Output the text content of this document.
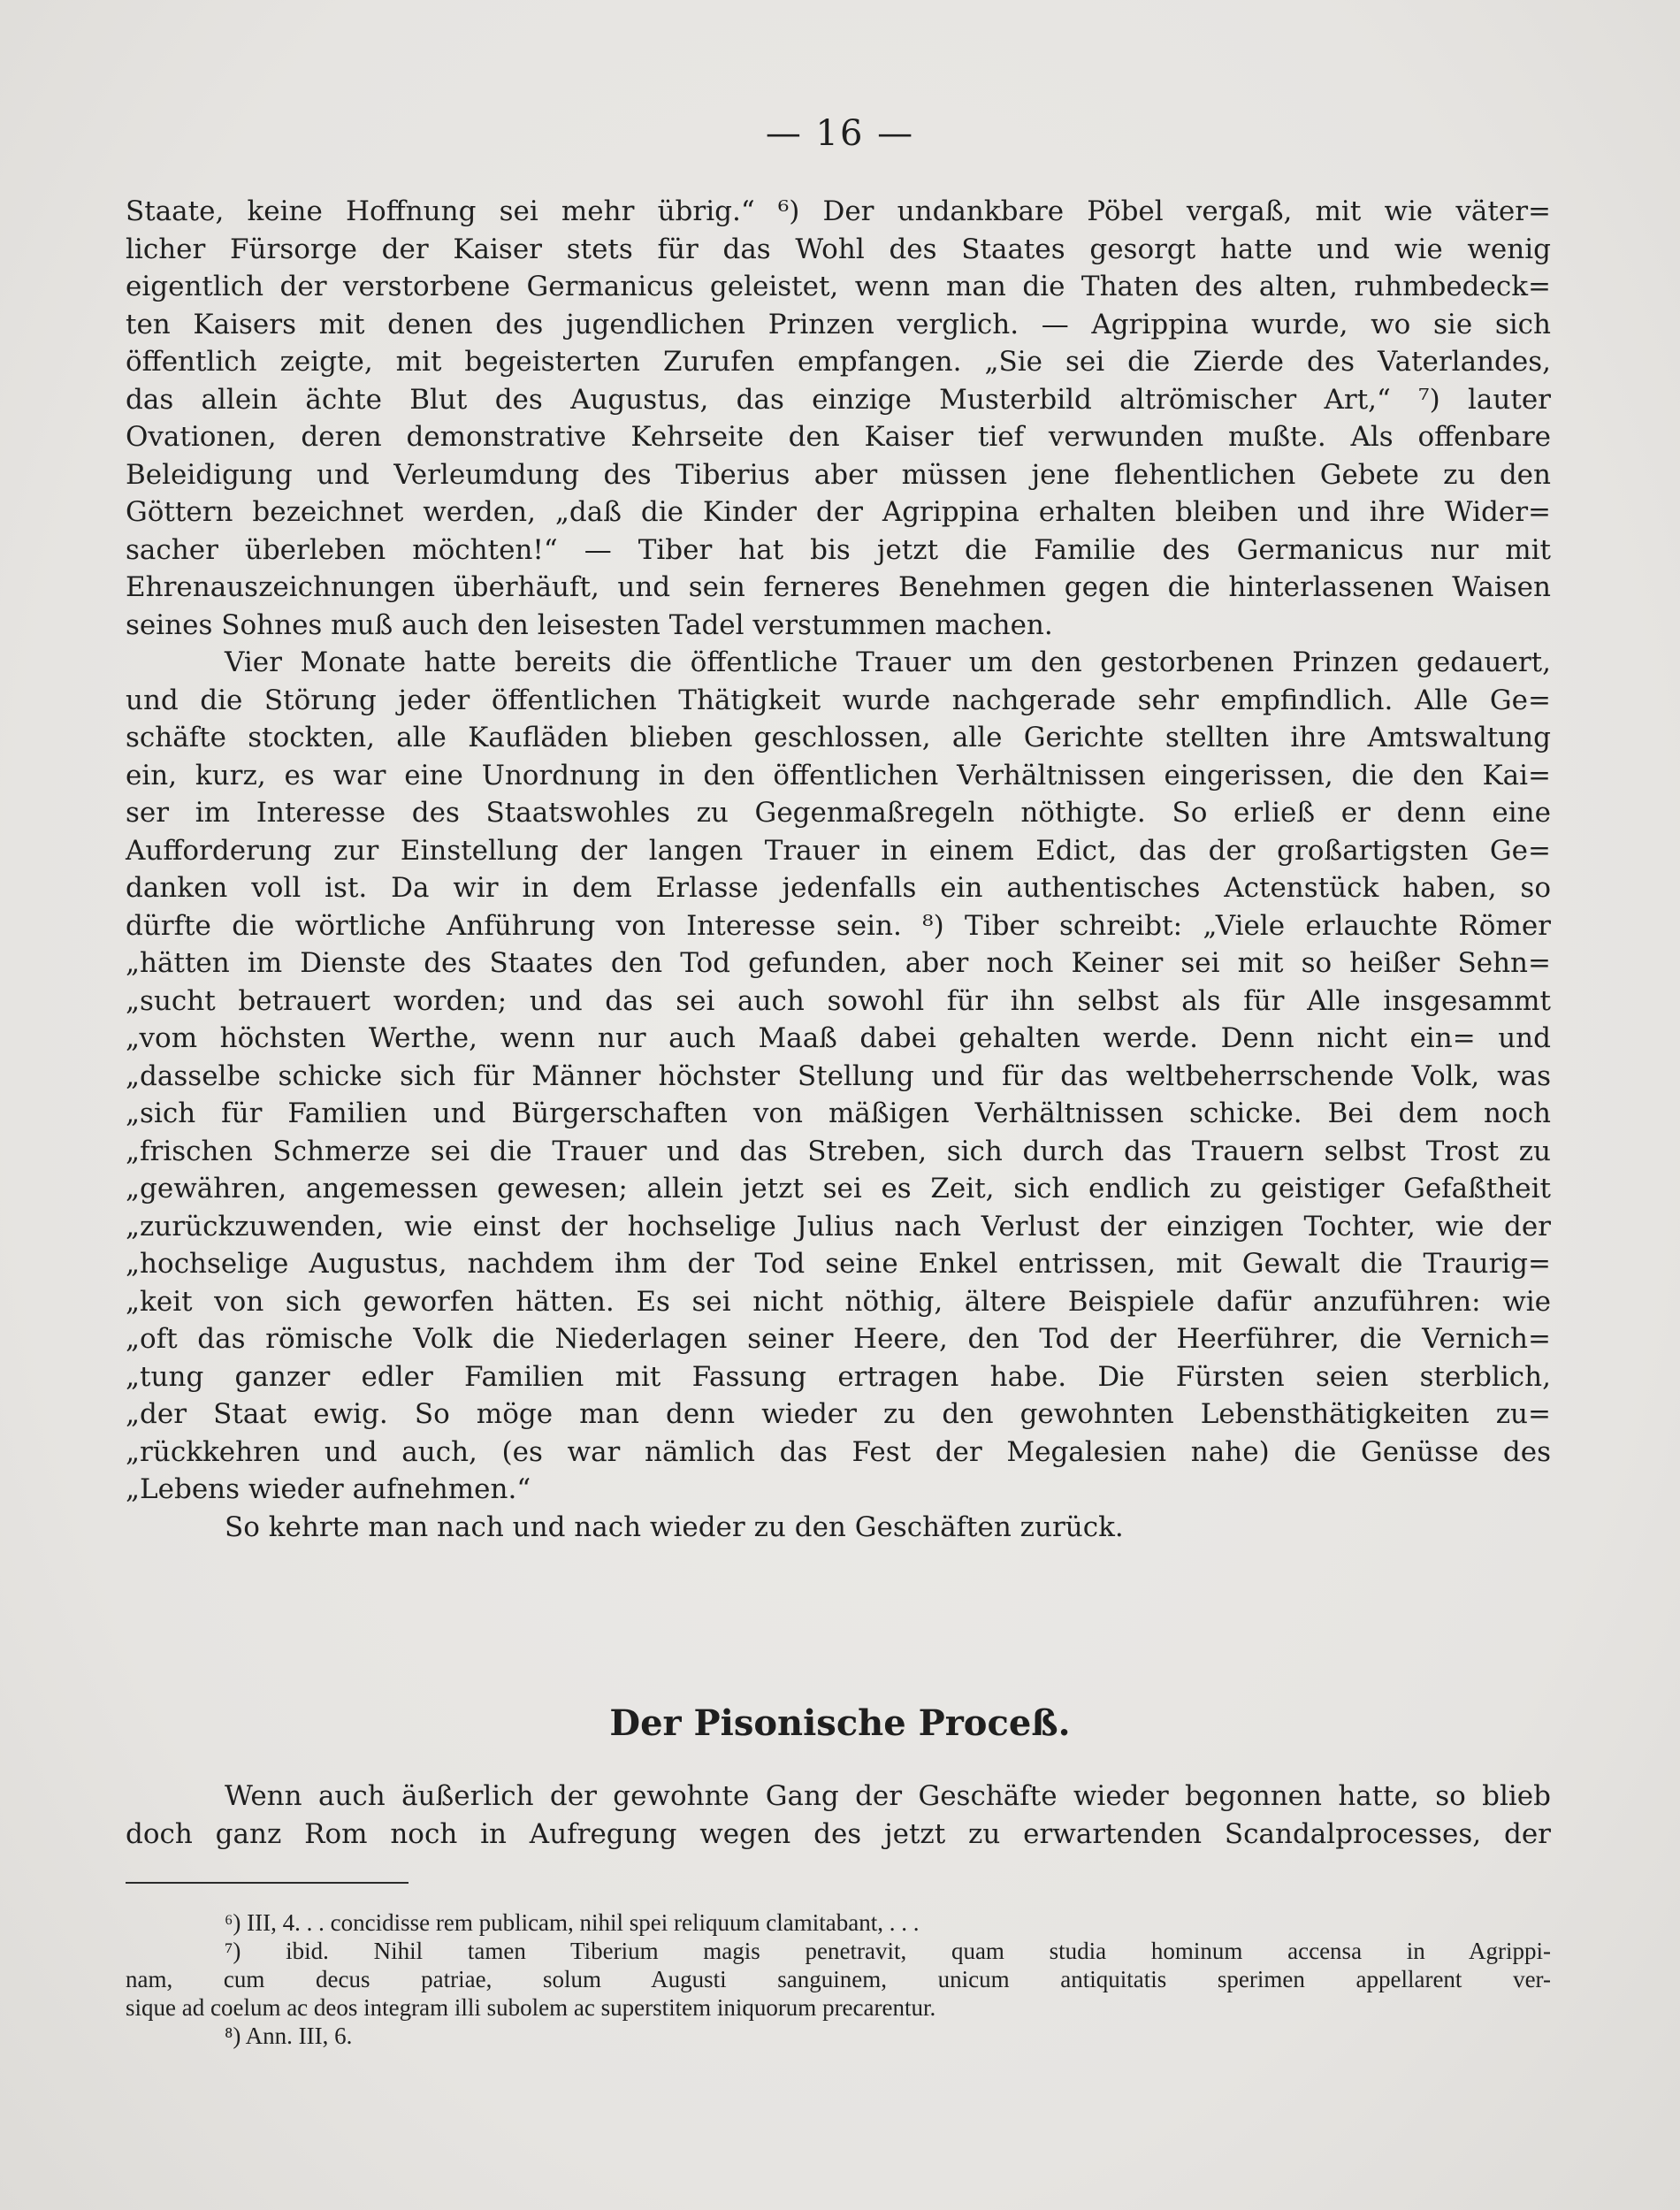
— 16 —
Staate, keine Hoffnung sei mehr übrig.“ ⁶) Der undankbare Pöbel vergaß, mit wie väter=
licher Fürsorge der Kaiser stets für das Wohl des Staates gesorgt hatte und wie wenig
eigentlich der verstorbene Germanicus geleistet, wenn man die Thaten des alten, ruhmbedeck=
ten Kaisers mit denen des jugendlichen Prinzen verglich. — Agrippina wurde, wo sie sich
öffentlich zeigte, mit begeisterten Zurufen empfangen. „Sie sei die Zierde des Vaterlandes,
das allein ächte Blut des Augustus, das einzige Musterbild altrömischer Art,“ ⁷) lauter
Ovationen, deren demonstrative Kehrseite den Kaiser tief verwunden mußte. Als offenbare
Beleidigung und Verleumdung des Tiberius aber müssen jene flehentlichen Gebete zu den
Göttern bezeichnet werden, „daß die Kinder der Agrippina erhalten bleiben und ihre Wider=
sacher überleben möchten!“ — Tiber hat bis jetzt die Familie des Germanicus nur mit
Ehrenauszeichnungen überhäuft, und sein ferneres Benehmen gegen die hinterlassenen Waisen
seines Sohnes muß auch den leisesten Tadel verstummen machen.
Vier Monate hatte bereits die öffentliche Trauer um den gestorbenen Prinzen gedauert,
und die Störung jeder öffentlichen Thätigkeit wurde nachgerade sehr empfindlich. Alle Ge=
schäfte stockten, alle Kaufläden blieben geschlossen, alle Gerichte stellten ihre Amtswaltung
ein, kurz, es war eine Unordnung in den öffentlichen Verhältnissen eingerissen, die den Kai=
ser im Interesse des Staatswohles zu Gegenmaßregeln nöthigte. So erließ er denn eine
Aufforderung zur Einstellung der langen Trauer in einem Edict, das der großartigsten Ge=
danken voll ist. Da wir in dem Erlasse jedenfalls ein authentisches Actenstück haben, so
dürfte die wörtliche Anführung von Interesse sein. ⁸) Tiber schreibt: „Viele erlauchte Römer
„hätten im Dienste des Staates den Tod gefunden, aber noch Keiner sei mit so heißer Sehn=
„sucht betrauert worden; und das sei auch sowohl für ihn selbst als für Alle insgesammt
„vom höchsten Werthe, wenn nur auch Maaß dabei gehalten werde. Denn nicht ein= und
„dasselbe schicke sich für Männer höchster Stellung und für das weltbeherrschende Volk, was
„sich für Familien und Bürgerschaften von mäßigen Verhältnissen schicke. Bei dem noch
„frischen Schmerze sei die Trauer und das Streben, sich durch das Trauern selbst Trost zu
„gewähren, angemessen gewesen; allein jetzt sei es Zeit, sich endlich zu geistiger Gefaßtheit
„zurückzuwenden, wie einst der hochselige Julius nach Verlust der einzigen Tochter, wie der
„hochselige Augustus, nachdem ihm der Tod seine Enkel entrissen, mit Gewalt die Traurig=
„keit von sich geworfen hätten. Es sei nicht nöthig, ältere Beispiele dafür anzuführen: wie
„oft das römische Volk die Niederlagen seiner Heere, den Tod der Heerführer, die Vernich=
„tung ganzer edler Familien mit Fassung ertragen habe. Die Fürsten seien sterblich,
„der Staat ewig. So möge man denn wieder zu den gewohnten Lebensthätigkeiten zu=
„rückkehren und auch, (es war nämlich das Fest der Megalesien nahe) die Genüsse des
„Lebens wieder aufnehmen.“
So kehrte man nach und nach wieder zu den Geschäften zurück.
Der Pisonische Proceß.
Wenn auch äußerlich der gewohnte Gang der Geschäfte wieder begonnen hatte, so blieb
doch ganz Rom noch in Aufregung wegen des jetzt zu erwartenden Scandalprocesses, der
⁶) III, 4. . . concidisse rem publicam, nihil spei reliquum clamitabant, . . .
⁷) ibid. Nihil tamen Tiberium magis penetravit, quam studia hominum accensa in Agrippi-
nam, cum decus patriae, solum Augusti sanguinem, unicum antiquitatis sperimen appellarent ver-
sique ad coelum ac deos integram illi subolem ac superstitem iniquorum precarentur.
⁸) Ann. III, 6.
